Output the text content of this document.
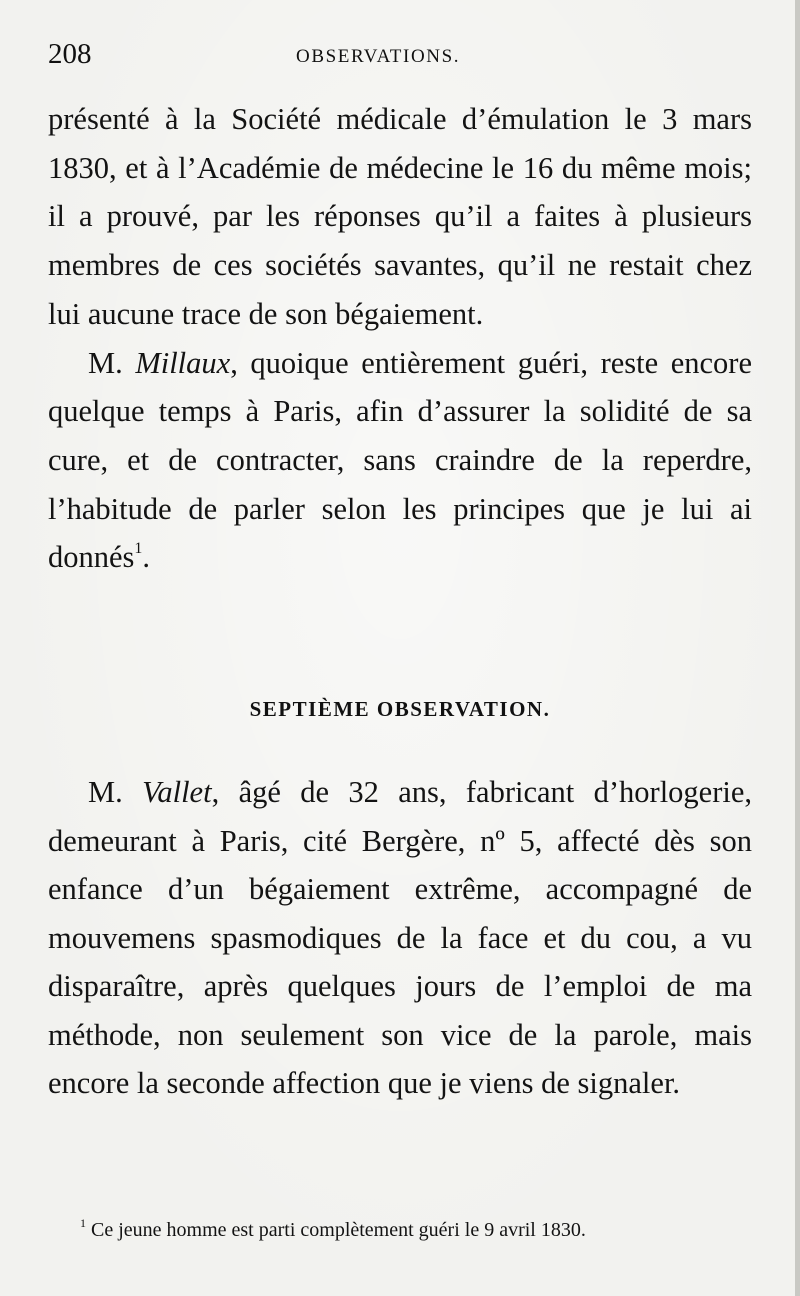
208	OBSERVATIONS.

présenté à la Société médicale d’émulation le 3 mars 1830, et à l’Académie de médecine le 16 du même mois; il a prouvé, par les réponses qu’il a faites à plusieurs membres de ces sociétés savantes, qu’il ne restait chez lui aucune trace de son bégaiement.

M. Millaux, quoique entièrement guéri, reste encore quelque temps à Paris, afin d’assurer la solidité de sa cure, et de contracter, sans craindre de la reperdre, l’habitude de parler selon les principes que je lui ai donnés$^1$.

SEPTIÈME OBSERVATION.

M. Vallet, âgé de 32 ans, fabricant d’horlogerie, demeurant à Paris, cité Bergère, nº 5, affecté dès son enfance d’un bégaiement extrême, accompagné de mouvemens spasmodiques de la face et du cou, a vu disparaître, après quelques jours de l’emploi de ma méthode, non seulement son vice de la parole, mais encore la seconde affection que je viens de signaler.

$^1$ Ce jeune homme est parti complètement guéri le 9 avril 1830.
